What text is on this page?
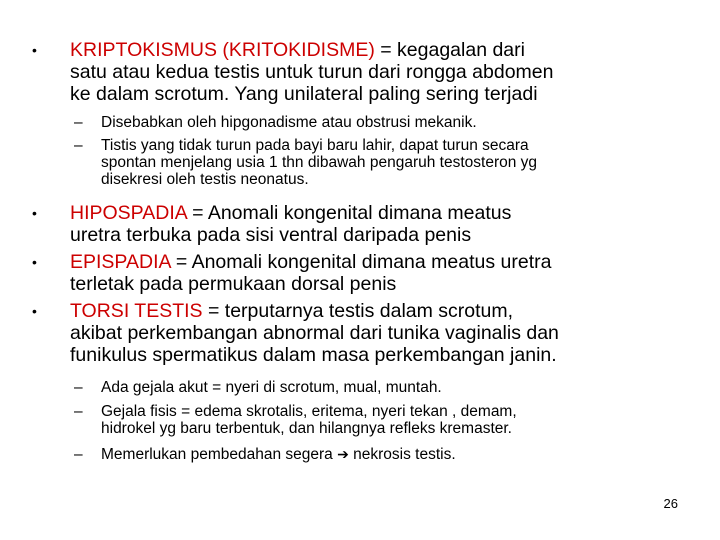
• KRIPTOKISMUS (KRITOKIDISME) = kegagalan dari
satu atau kedua testis untuk turun dari rongga abdomen
ke dalam scrotum. Yang unilateral paling sering terjadi
– Disebabkan oleh hipgonadisme atau obstrusi mekanik.
– Tistis yang tidak turun pada bayi baru lahir, dapat turun secara
spontan menjelang usia 1 thn dibawah pengaruh testosteron yg
disekresi oleh testis neonatus.
• HIPOSPADIA = Anomali kongenital dimana meatus
uretra terbuka pada sisi ventral daripada penis
• EPISPADIA = Anomali kongenital dimana meatus uretra
terletak pada permukaan dorsal penis
• TORSI TESTIS = terputarnya testis dalam scrotum,
akibat perkembangan abnormal dari tunika vaginalis dan
funikulus spermatikus dalam masa perkembangan janin.
– Ada gejala akut = nyeri di scrotum, mual, muntah.
– Gejala fisis = edema skrotalis, eritema, nyeri tekan , demam,
hidrokel yg baru terbentuk, dan hilangnya refleks kremaster.
– Memerlukan pembedahan segera ➔ nekrosis testis.
26
